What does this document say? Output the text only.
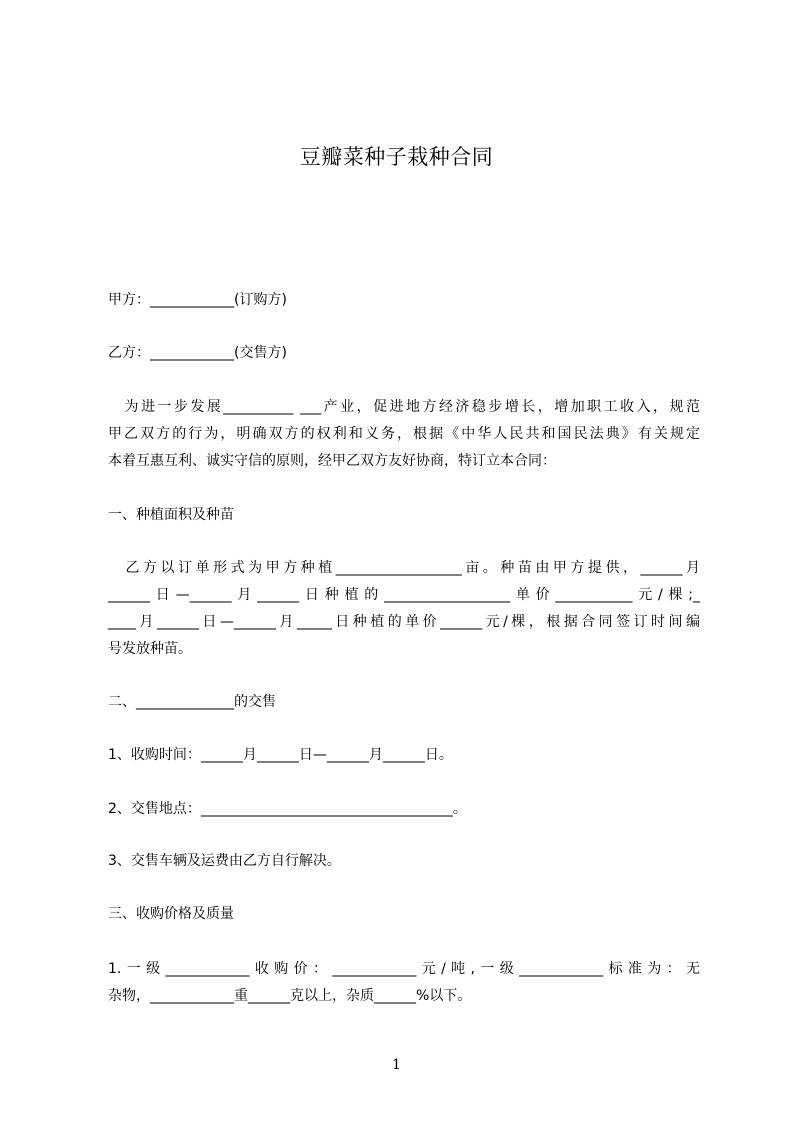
豆瓣菜种子栽种合同
甲方：____________(订购方)
乙方：____________(交售方)
　为进一步发展__________ ___产业，促进地方经济稳步增长，增加职工收入，规范
甲乙双方的行为，明确双方的权利和义务，根据《中华人民共和国民法典》有关规定
本着互惠互利、诚实守信的原则，经甲乙双方友好协商，特订立本合同：
一、种植面积及种苗
　乙方以订单形式为甲方种植__________________亩。种苗由甲方提供，______月
______日—______月______日种植的__________________单价___________元/棵;_
____月______日—______月_____日种植的单价______元/棵，根据合同签订时间编
号发放种苗。
二、______________的交售
1、收购时间：______月______日—______月______日。
2、交售地点：____________________________________。
3、交售车辆及运费由乙方自行解决。
三、收购价格及质量
1.一级____________收购价：____________元/吨,一级____________标准为：无
杂物，____________重______克以上，杂质______%以下。
1
